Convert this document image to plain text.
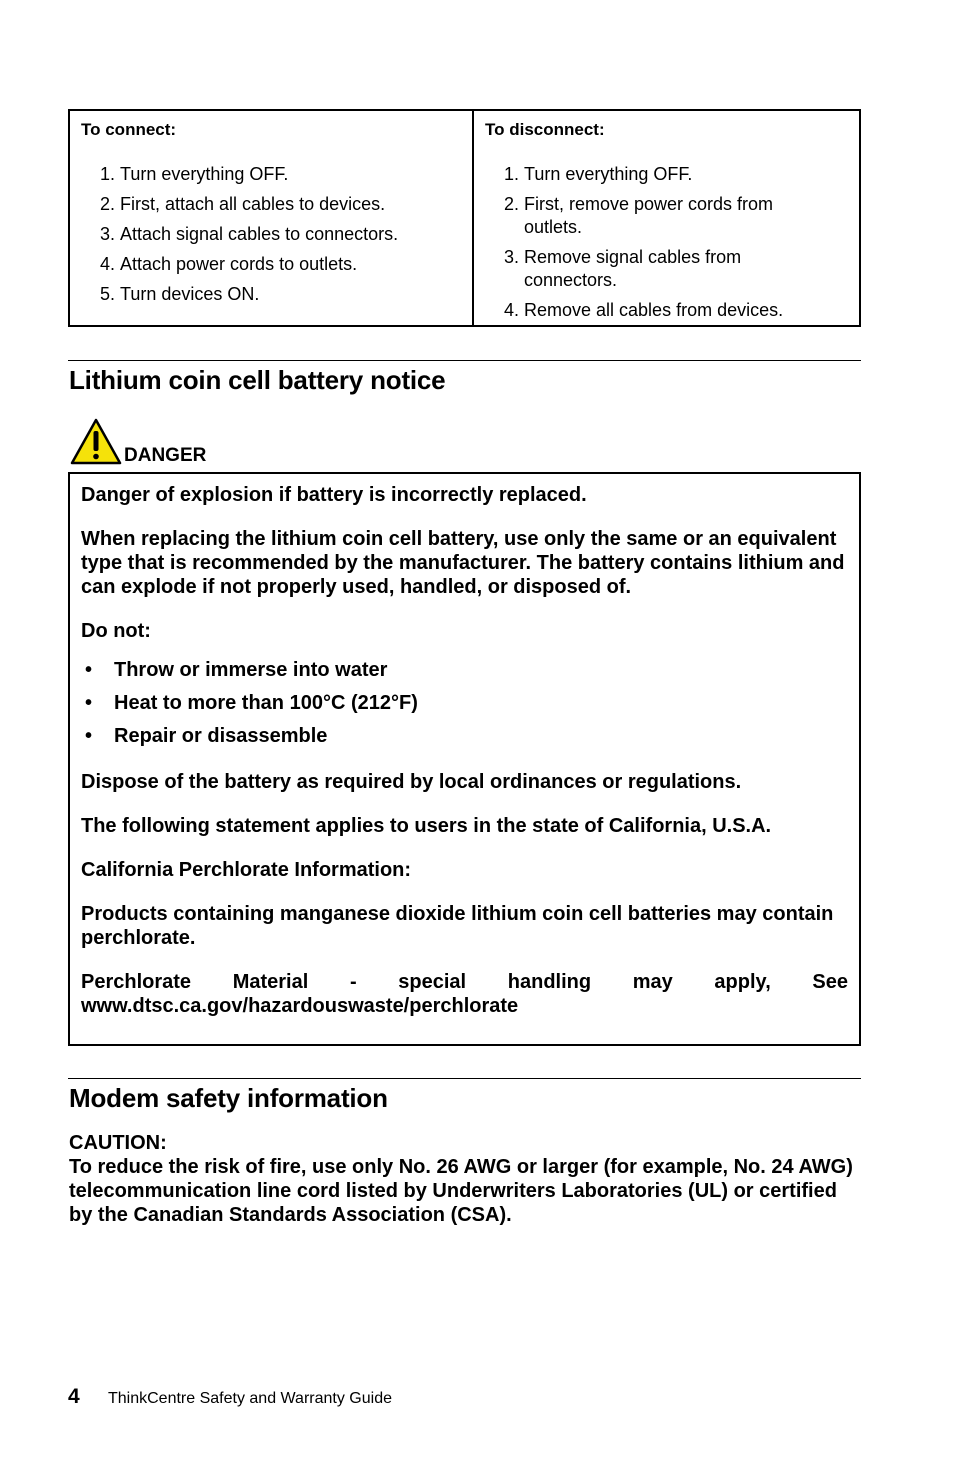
To connect:
1. Turn everything OFF.
2. First, attach all cables to devices.
3. Attach signal cables to connectors.
4. Attach power cords to outlets.
5. Turn devices ON.
To disconnect:
1. Turn everything OFF.
2. First, remove power cords from outlets.
3. Remove signal cables from connectors.
4. Remove all cables from devices.
Lithium coin cell battery notice
DANGER

Danger of explosion if battery is incorrectly replaced.

When replacing the lithium coin cell battery, use only the same or an equivalent type that is recommended by the manufacturer. The battery contains lithium and can explode if not properly used, handled, or disposed of.

Do not:

•	Throw or immerse into water
•	Heat to more than 100°C (212°F)
•	Repair or disassemble

Dispose of the battery as required by local ordinances or regulations.

The following statement applies to users in the state of California, U.S.A.

California Perchlorate Information:

Products containing manganese dioxide lithium coin cell batteries may contain perchlorate.

Perchlorate Material - special handling may apply, See
www.dtsc.ca.gov/hazardouswaste/perchlorate

Modem safety information
CAUTION:
To reduce the risk of fire, use only No. 26 AWG or larger (for example, No. 24 AWG) telecommunication line cord listed by Underwriters Laboratories (UL) or certified by the Canadian Standards Association (CSA).
4	ThinkCentre Safety and Warranty Guide
